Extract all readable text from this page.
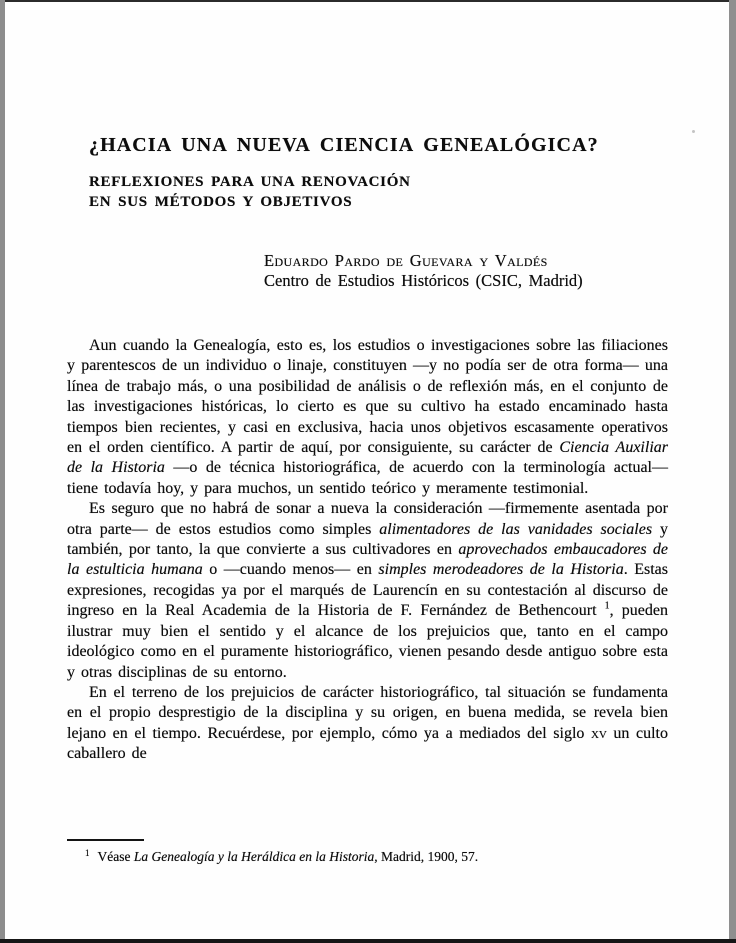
¿HACIA UNA NUEVA CIENCIA GENEALÓGICA?
REFLEXIONES PARA UNA RENOVACIÓN
EN SUS MÉTODOS Y OBJETIVOS
Eduardo Pardo de Guevara y Valdés
Centro de Estudios Históricos (CSIC, Madrid)

Aun cuando la Genealogía, esto es, los estudios o investigaciones sobre las filiaciones y parentescos de un individuo o linaje, constituyen —y no podía ser de otra forma— una línea de trabajo más, o una posibilidad de análisis o de reflexión más, en el conjunto de las investigaciones históricas, lo cierto es que su cultivo ha estado encaminado hasta tiempos bien recientes, y casi en exclusiva, hacia unos objetivos escasamente operativos en el orden científico. A partir de aquí, por consiguiente, su carácter de Ciencia Auxiliar de la Historia —o de técnica historiográfica, de acuerdo con la terminología actual— tiene todavía hoy, y para muchos, un sentido teórico y meramente testimonial.

Es seguro que no habrá de sonar a nueva la consideración —firmemente asentada por otra parte— de estos estudios como simples alimentadores de las vanidades sociales y también, por tanto, la que convierte a sus cultivadores en aprovechados embaucadores de la estulticia humana o —cuando menos— en simples merodeadores de la Historia. Estas expresiones, recogidas ya por el marqués de Laurencín en su contestación al discurso de ingreso en la Real Academia de la Historia de F. Fernández de Bethencourt $^1$, pueden ilustrar muy bien el sentido y el alcance de los prejuicios que, tanto en el campo ideológico como en el puramente historiográfico, vienen pesando desde antiguo sobre esta y otras disciplinas de su entorno.

En el terreno de los prejuicios de carácter historiográfico, tal situación se fundamenta en el propio desprestigio de la disciplina y su origen, en buena medida, se revela bien lejano en el tiempo. Recuérdese, por ejemplo, cómo ya a mediados del siglo xv un culto caballero de

$^1$ Véase La Genealogía y la Heráldica en la Historia, Madrid, 1900, 57.
